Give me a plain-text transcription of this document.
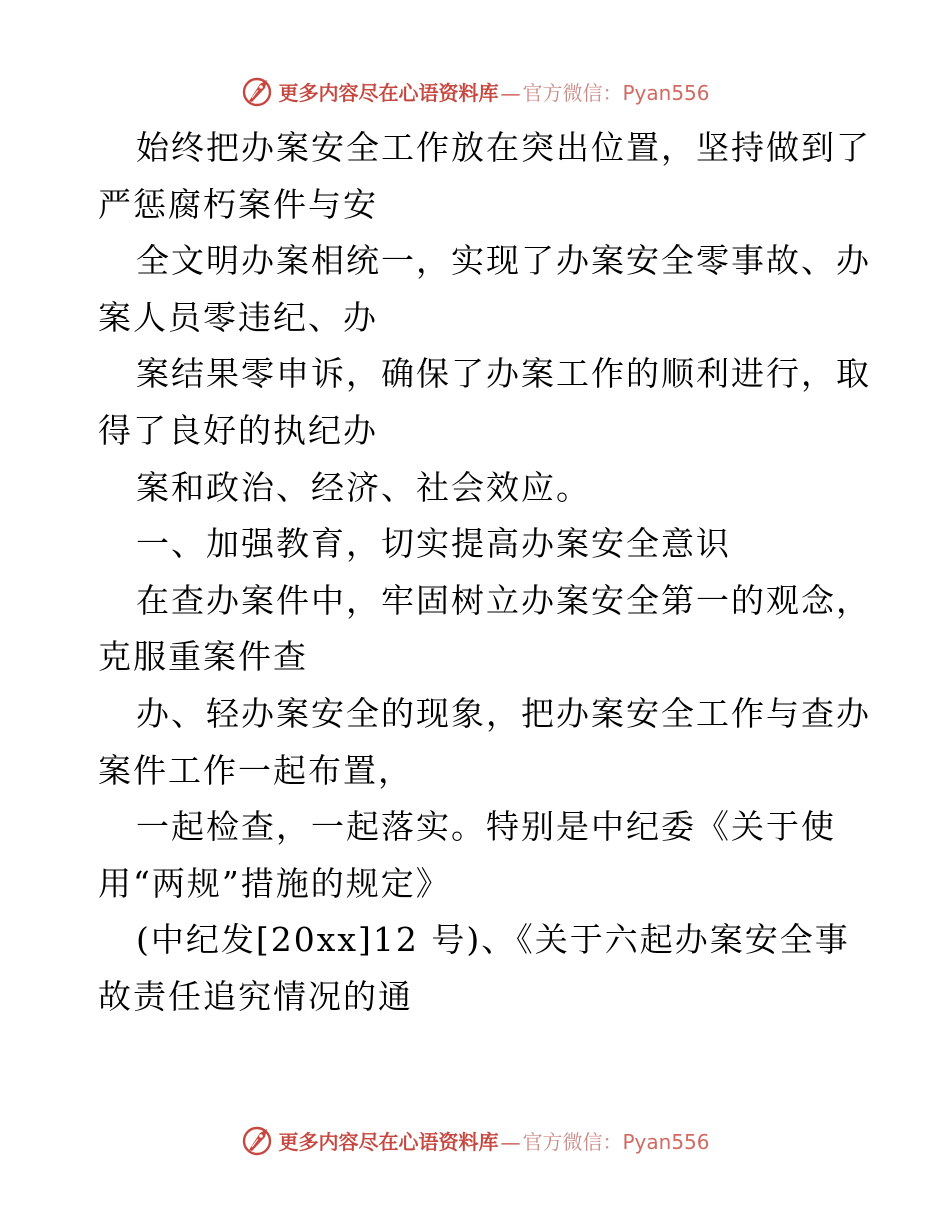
更多内容尽在心语资料库 — 官方微信： Pyan556
始终把办案安全工作放在突出位置，坚持做到了
严惩腐朽案件与安
全文明办案相统一，实现了办案安全零事故、办
案人员零违纪、办
案结果零申诉，确保了办案工作的顺利进行，取
得了良好的执纪办
案和政治、经济、社会效应。
一、加强教育，切实提高办案安全意识
在查办案件中，牢固树立办案安全第一的观念，
克服重案件查
办、轻办案安全的现象，把办案安全工作与查办
案件工作一起布置，
一起检查，一起落实。特别是中纪委《关于使
用“两规”措施的规定》
(中纪发[20xx]12 号)、《关于六起办案安全事
故责任追究情况的通
更多内容尽在心语资料库 — 官方微信： Pyan556
